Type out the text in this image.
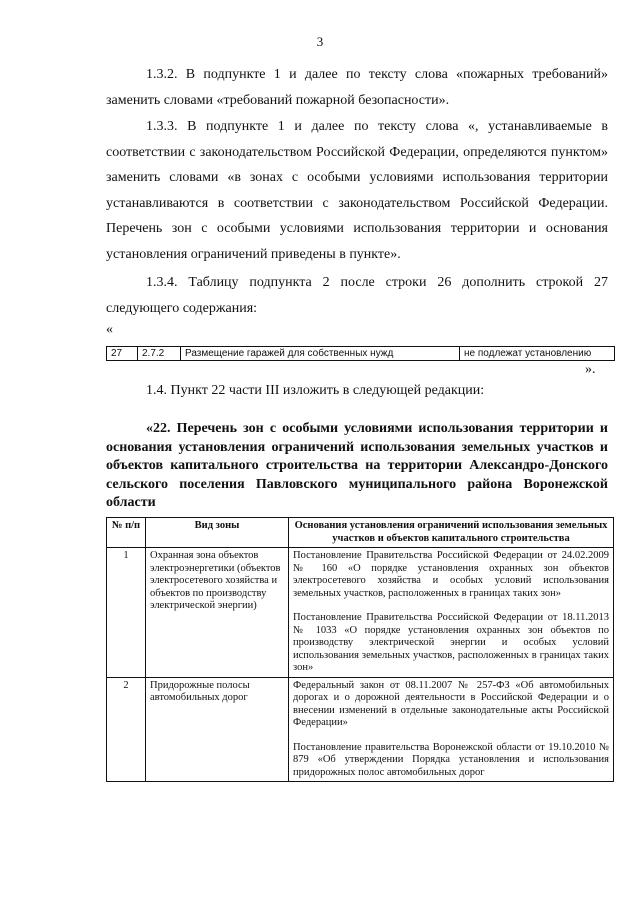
3

1.3.2. В подпункте 1 и далее по тексту слова «пожарных требований» заменить словами «требований пожарной безопасности».

1.3.3. В подпункте 1 и далее по тексту слова «, устанавливаемые в соответствии с законодательством Российской Федерации, определяются пунктом» заменить словами «в зонах с особыми условиями использования территории устанавливаются в соответствии с законодательством Российской Федерации. Перечень зон с особыми условиями использования территории и основания установления ограничений приведены в пункте».

1.3.4. Таблицу подпункта 2 после строки 26 дополнить строкой 27 следующего содержания:

«
27	2.7.2	Размещение гаражей для собственных нужд	не подлежат установлению
».
1.4. Пункт 22 части III изложить в следующей редакции:
«22. Перечень зон с особыми условиями использования территории и основания установления ограничений использования земельных участков и объектов капитального строительства на территории Александро-Донского сельского поселения Павловского муниципального района Воронежской области
№ п/п	Вид зоны	Основания установления ограничений использования земельных участков и объектов капитального строительства
1	Охранная зона объектов электроэнергетики (объектов электросетевого хозяйства и объектов по производству электрической энергии)	Постановление Правительства Российской Федерации от 24.02.2009 № 160 «О порядке установления охранных зон объектов электросетевого хозяйства и особых условий использования земельных участков, расположенных в границах таких зон»

Постановление Правительства Российской Федерации от 18.11.2013 № 1033 «О порядке установления охранных зон объектов по производству электрической энергии и особых условий использования земельных участков, расположенных в границах таких зон»

2	Придорожные полосы автомобильных дорог	Федеральный закон от 08.11.2007 № 257-ФЗ «Об автомобильных дорогах и о дорожной деятельности в Российской Федерации и о внесении изменений в отдельные законодательные акты Российской Федерации»

Постановление правительства Воронежской области от 19.10.2010 № 879 «Об утверждении Порядка установления и использования придорожных полос автомобильных дорог
